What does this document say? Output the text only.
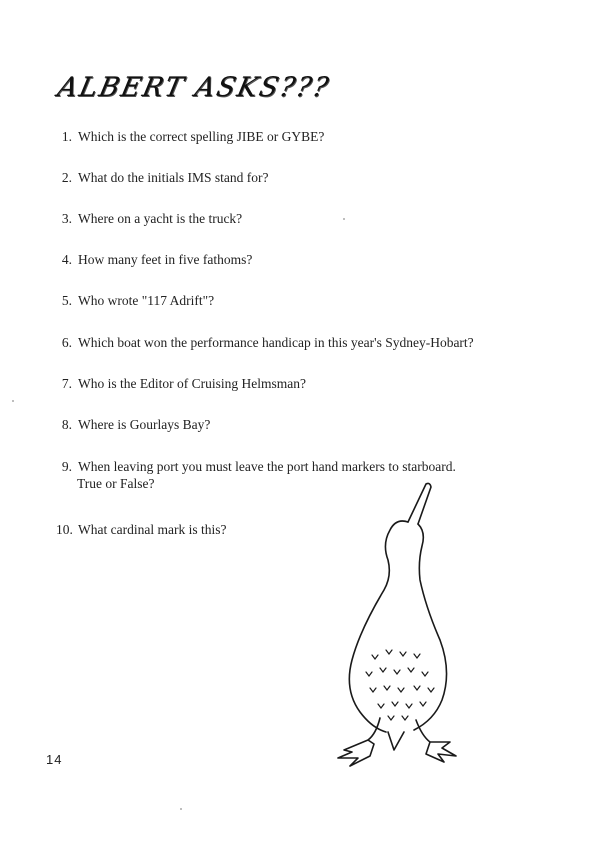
ALBERT ASKS???
1. Which is the correct spelling JIBE or GYBE?
2. What do the initials IMS stand for?
3. Where on a yacht is the truck?
4. How many feet in five fathoms?
5. Who wrote "117 Adrift"?
6. Which boat won the performance handicap in this year's Sydney-Hobart?
7. Who is the Editor of Cruising Helmsman?
8. Where is Gourlays Bay?
9. When leaving port you must leave the port hand markers to starboard.
True or False?
10. What cardinal mark is this?
14
